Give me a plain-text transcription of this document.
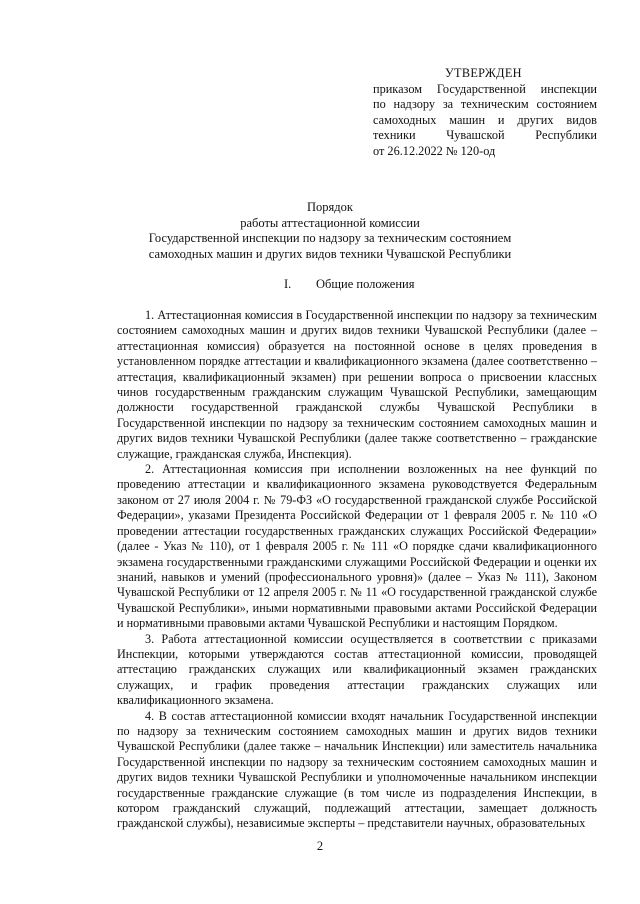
УТВЕРЖДЕН
приказом Государственной инспекции
по надзору за техническим состоянием
самоходных машин и других видов
техники Чувашской Республики
от 26.12.2022 № 120-од
Порядок
работы аттестационной комиссии
Государственной инспекции по надзору за техническим состоянием
самоходных машин и других видов техники Чувашской Республики
I. Общие положения

1. Аттестационная комиссия в Государственной инспекции по надзору за техническим состоянием самоходных машин и других видов техники Чувашской Республики (далее – аттестационная комиссия) образуется на постоянной основе в целях проведения в установленном порядке аттестации и квалификационного экзамена (далее соответственно – аттестация, квалификационный экзамен) при решении вопроса о присвоении классных чинов государственным гражданским служащим Чувашской Республики, замещающим должности государственной гражданской службы Чувашской Республики в Государственной инспекции по надзору за техническим состоянием самоходных машин и других видов техники Чувашской Республики (далее также соответственно – гражданские служащие, гражданская служба, Инспекция).

2. Аттестационная комиссия при исполнении возложенных на нее функций по проведению аттестации и квалификационного экзамена руководствуется Федеральным законом от 27 июля 2004 г. № 79-ФЗ «О государственной гражданской службе Российской Федерации», указами Президента Российской Федерации от 1 февраля 2005 г. № 110 «О проведении аттестации государственных гражданских служащих Российской Федерации» (далее - Указ № 110), от 1 февраля 2005 г. № 111 «О порядке сдачи квалификационного экзамена государственными гражданскими служащими Российской Федерации и оценки их знаний, навыков и умений (профессионального уровня)» (далее – Указ № 111), Законом Чувашской Республики от 12 апреля 2005 г. № 11 «О государственной гражданской службе Чувашской Республики», иными нормативными правовыми актами Российской Федерации и нормативными правовыми актами Чувашской Республики и настоящим Порядком.

3. Работа аттестационной комиссии осуществляется в соответствии с приказами Инспекции, которыми утверждаются состав аттестационной комиссии, проводящей аттестацию гражданских служащих или квалификационный экзамен гражданских служащих, и график проведения аттестации гражданских служащих или квалификационного экзамена.

4. В состав аттестационной комиссии входят начальник Государственной инспекции по надзору за техническим состоянием самоходных машин и других видов техники Чувашской Республики (далее также – начальник Инспекции) или заместитель начальника Государственной инспекции по надзору за техническим состоянием самоходных машин и других видов техники Чувашской Республики и уполномоченные начальником инспекции государственные гражданские служащие (в том числе из подразделения Инспекции, в котором гражданский служащий, подлежащий аттестации, замещает должность гражданской службы), независимые эксперты – представители научных, образовательных

2
